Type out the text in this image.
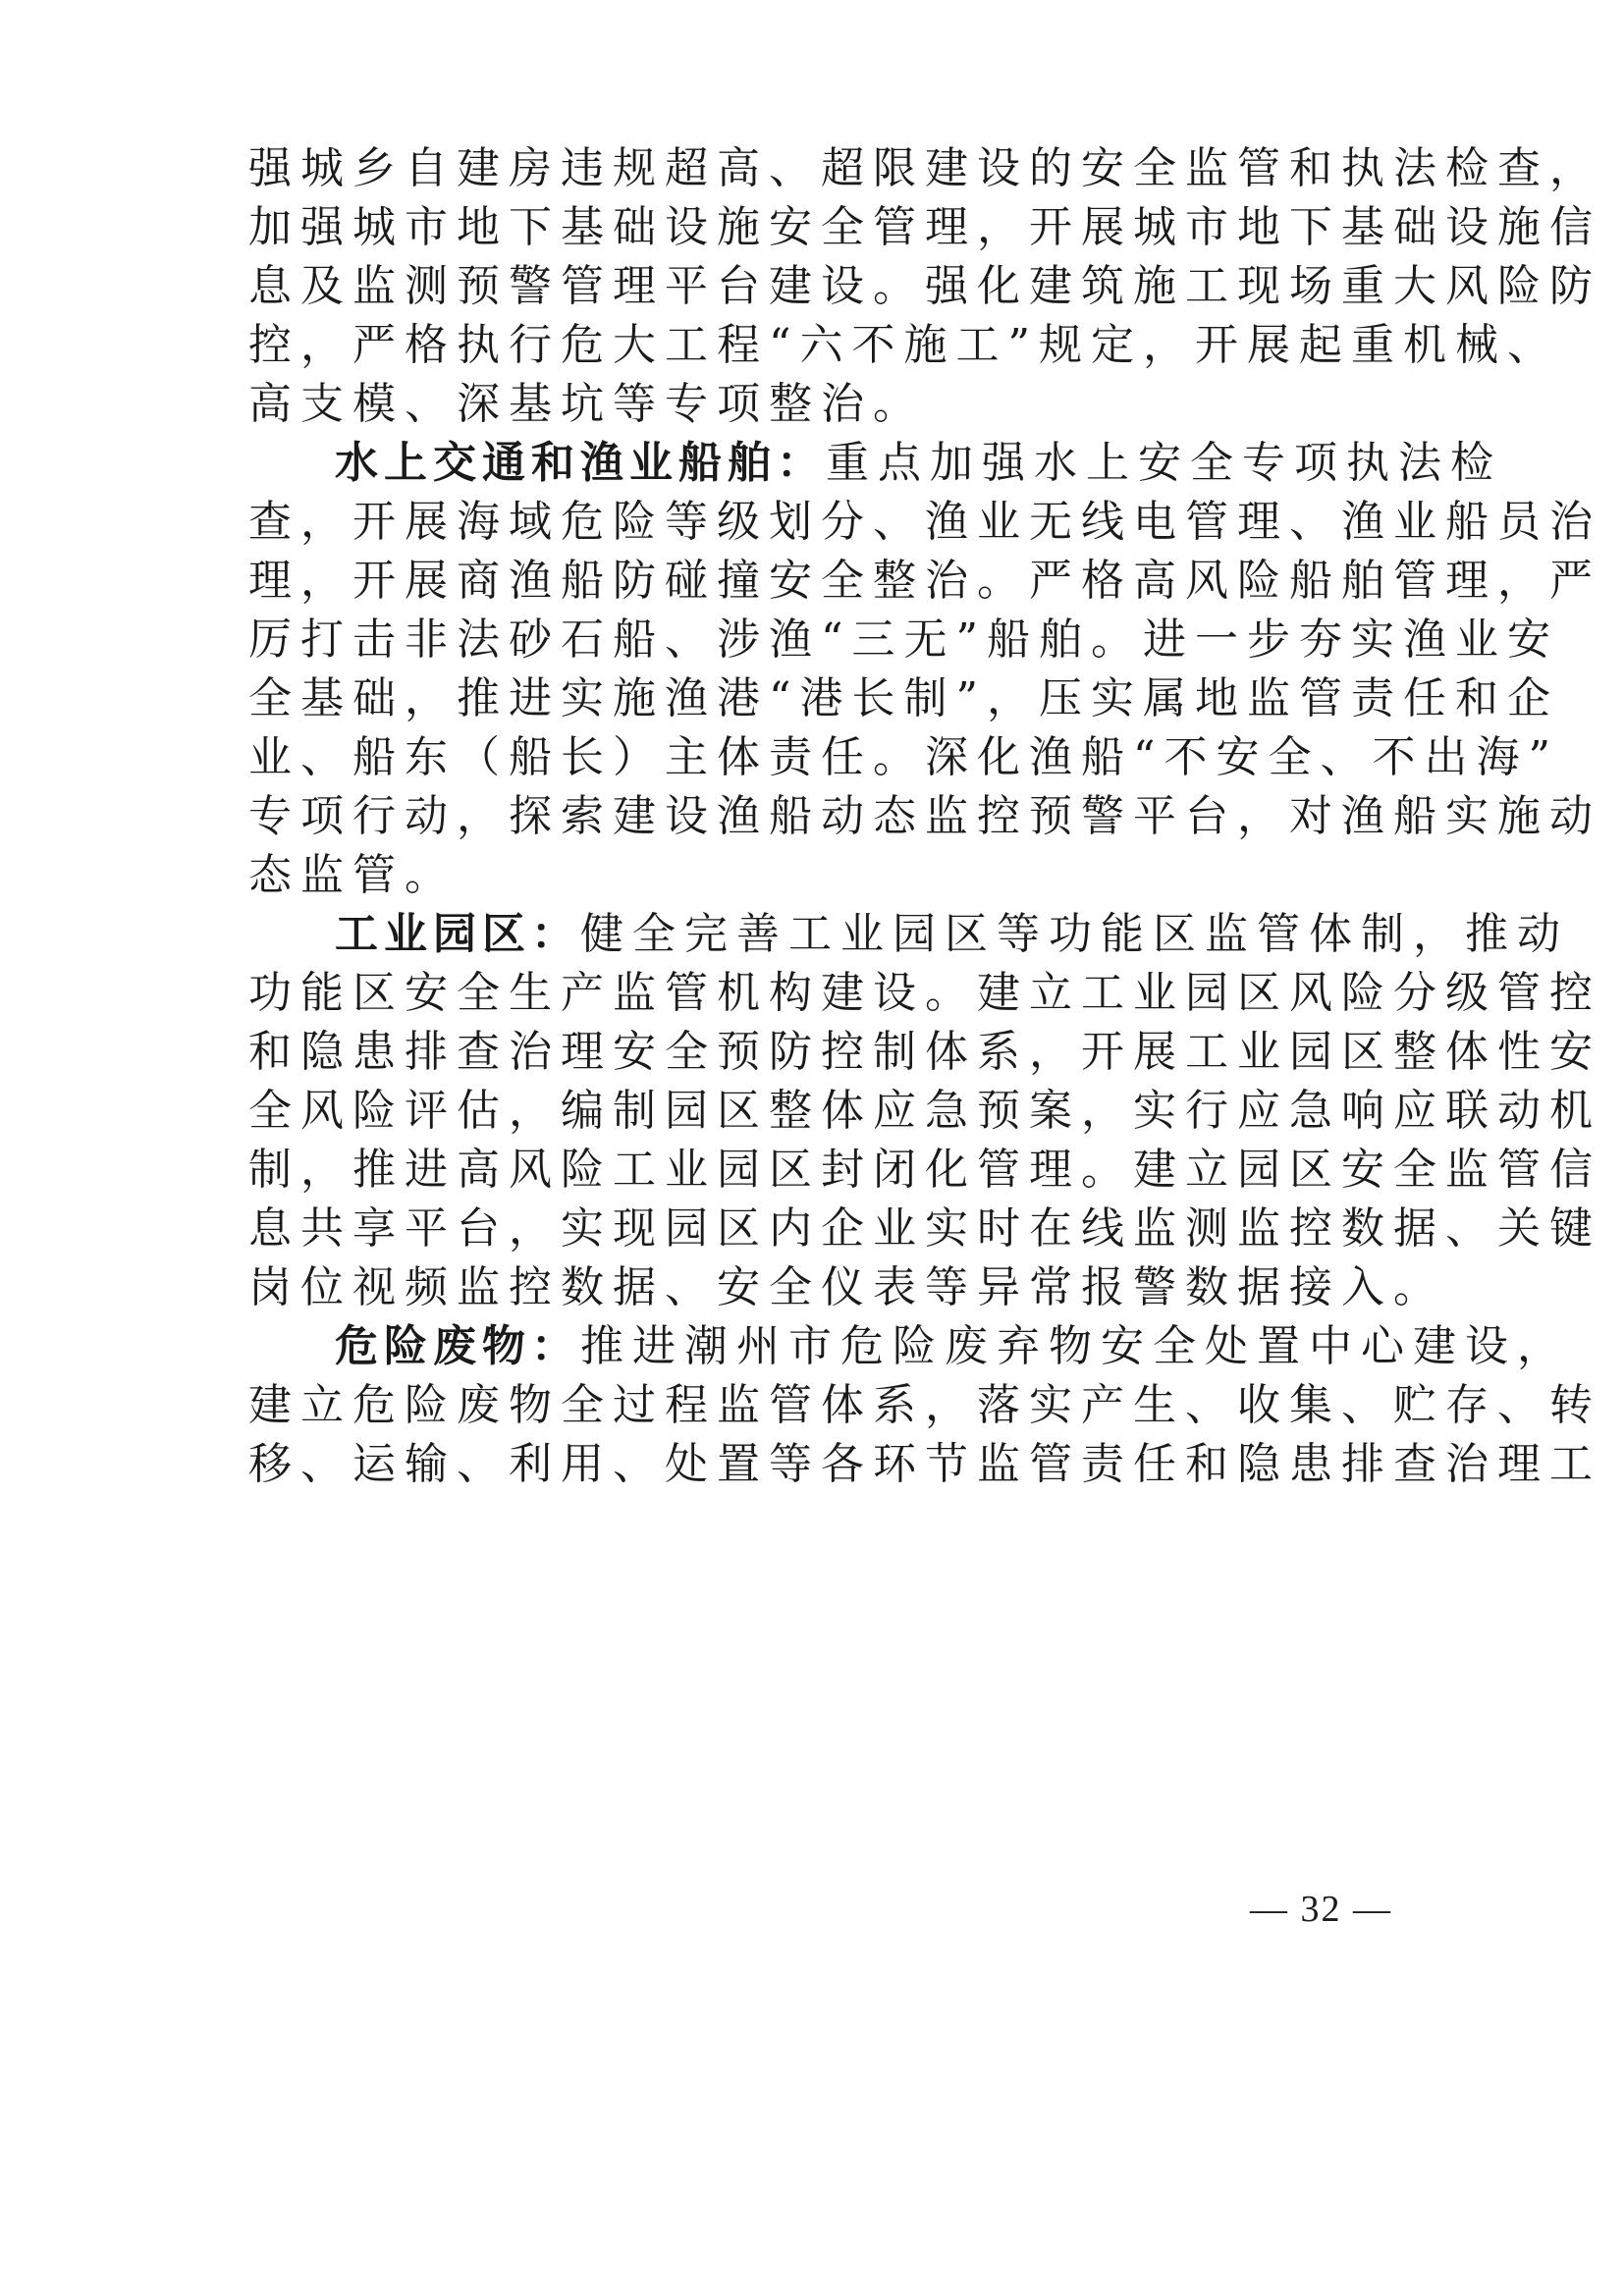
强城乡自建房违规超高、超限建设的安全监管和执法检查，
加强城市地下基础设施安全管理，开展城市地下基础设施信
息及监测预警管理平台建设。强化建筑施工现场重大风险防
控，严格执行危大工程“六不施工”规定，开展起重机械、
高支模、深基坑等专项整治。
水上交通和渔业船舶：重点加强水上安全专项执法检
查，开展海域危险等级划分、渔业无线电管理、渔业船员治
理，开展商渔船防碰撞安全整治。严格高风险船舶管理，严
厉打击非法砂石船、涉渔“三无”船舶。进一步夯实渔业安
全基础，推进实施渔港“港长制”，压实属地监管责任和企
业、船东（船长）主体责任。深化渔船“不安全、不出海”
专项行动，探索建设渔船动态监控预警平台，对渔船实施动
态监管。
工业园区：健全完善工业园区等功能区监管体制，推动
功能区安全生产监管机构建设。建立工业园区风险分级管控
和隐患排查治理安全预防控制体系，开展工业园区整体性安
全风险评估，编制园区整体应急预案，实行应急响应联动机
制，推进高风险工业园区封闭化管理。建立园区安全监管信
息共享平台，实现园区内企业实时在线监测监控数据、关键
岗位视频监控数据、安全仪表等异常报警数据接入。
危险废物：推进潮州市危险废弃物安全处置中心建设，
建立危险废物全过程监管体系，落实产生、收集、贮存、转
移、运输、利用、处置等各环节监管责任和隐患排查治理工
— 32 —
